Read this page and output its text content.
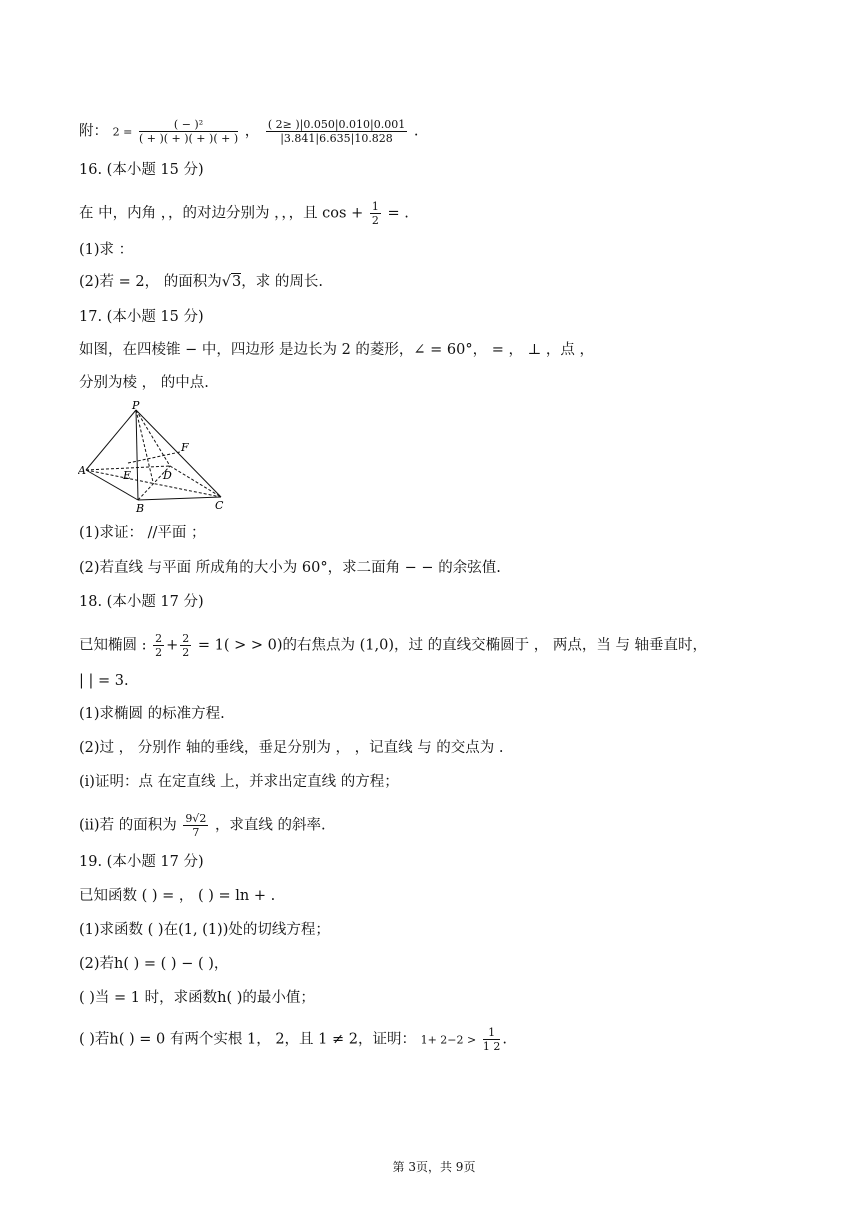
附： $2 = \frac{\text{( − )²}}{( + )( + )( + )( + )}$ ， $\frac{( 2\ge )|0.050|0.010|0.001}{|3.841|6.635|10.828}$ .
16. (本小题 15 分)
在 中，内角 ，，的对边分别为 ，，，且 $\cos + \frac{1}{2}$ = .
(1)求 ：
(2)若 = 2， 的面积为√3，求 的周长.
17. (本小题 15 分)
如图，在四棱锥 − 中，四边形 是边长为 2 的菱形，∠ = 60°， = ， ⊥ ，点 ，
分别为棱 ， 的中点.
P
F
A	E	D
B	C
(1)求证： //平面 ；
(2)若直线 与平面 所成角的大小为 60°，求二面角 − − 的余弦值.
18. (本小题 17 分)
已知椭圆 : $\frac{2}{2} + \frac{2}{2} = 1$( > > 0)的右焦点为 (1,0)，过 的直线交椭圆于 ， 两点，当 与 轴垂直时，
| | = 3.
(1)求椭圆 的标准方程.
(2)过 ， 分别作 轴的垂线，垂足分别为 ， ，记直线 与 的交点为 .
(i)证明：点 在定直线 上，并求出定直线 的方程；
(ii)若 的面积为 $\frac{9√2}{7}$ ，求直线 的斜率.
19. (本小题 17 分)
已知函数 ( ) = ， ( ) = ln + .
(1)求函数 ( )在(1, (1))处的切线方程；
(2)若h( ) = ( ) − ( )，
( )当 = 1 时，求函数h( )的最小值；
( )若h( ) = 0 有两个实根 1， 2，且 1 ≠ 2，证明： $1+ 2-2 > \frac{1}{1 2}$ .
第 3页，共 9页
